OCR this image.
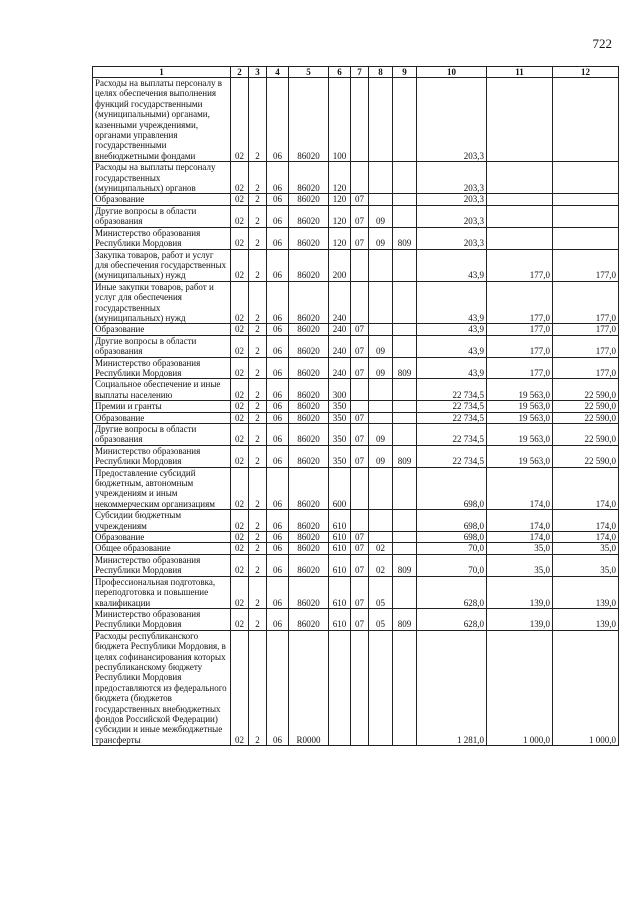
722
1	2	3	4	5	6	7	8	9	10	11	12
Расходы на выплаты персоналу в целях обеспечения выполнения функций государственными (муниципальными) органами, казенными учреждениями, органами управления государственными внебюджетными фондами	02	2	06	86020	100				203,3		
Расходы на выплаты персоналу государственных (муниципальных) органов	02	2	06	86020	120				203,3		
Образование	02	2	06	86020	120	07			203,3		
Другие вопросы в области образования	02	2	06	86020	120	07	09		203,3		
Министерство образования Республики Мордовия	02	2	06	86020	120	07	09	809	203,3		
Закупка товаров, работ и услуг для обеспечения государственных (муниципальных) нужд	02	2	06	86020	200				43,9	177,0	177,0
Иные закупки товаров, работ и услуг для обеспечения государственных (муниципальных) нужд	02	2	06	86020	240				43,9	177,0	177,0
Образование	02	2	06	86020	240	07			43,9	177,0	177,0
Другие вопросы в области образования	02	2	06	86020	240	07	09		43,9	177,0	177,0
Министерство образования Республики Мордовия	02	2	06	86020	240	07	09	809	43,9	177,0	177,0
Социальное обеспечение и иные выплаты населению	02	2	06	86020	300				22 734,5	19 563,0	22 590,0
Премии и гранты	02	2	06	86020	350				22 734,5	19 563,0	22 590,0
Образование	02	2	06	86020	350	07			22 734,5	19 563,0	22 590,0
Другие вопросы в области образования	02	2	06	86020	350	07	09		22 734,5	19 563,0	22 590,0
Министерство образования Республики Мордовия	02	2	06	86020	350	07	09	809	22 734,5	19 563,0	22 590,0
Предоставление субсидий бюджетным, автономным учреждениям и иным некоммерческим организациям	02	2	06	86020	600				698,0	174,0	174,0
Субсидии бюджетным учреждениям	02	2	06	86020	610				698,0	174,0	174,0
Образование	02	2	06	86020	610	07			698,0	174,0	174,0
Общее образование	02	2	06	86020	610	07	02		70,0	35,0	35,0
Министерство образования Республики Мордовия	02	2	06	86020	610	07	02	809	70,0	35,0	35,0
Профессиональная подготовка, переподготовка и повышение квалификации	02	2	06	86020	610	07	05		628,0	139,0	139,0
Министерство образования Республики Мордовия	02	2	06	86020	610	07	05	809	628,0	139,0	139,0
Расходы республиканского бюджета Республики Мордовия, в целях софинансирования которых республиканскому бюджету Республики Мордовия предоставляются из федерального бюджета (бюджетов государственных внебюджетных фондов Российской Федерации) субсидии и иные межбюджетные трансферты	02	2	06	R0000					1 281,0	1 000,0	1 000,0
